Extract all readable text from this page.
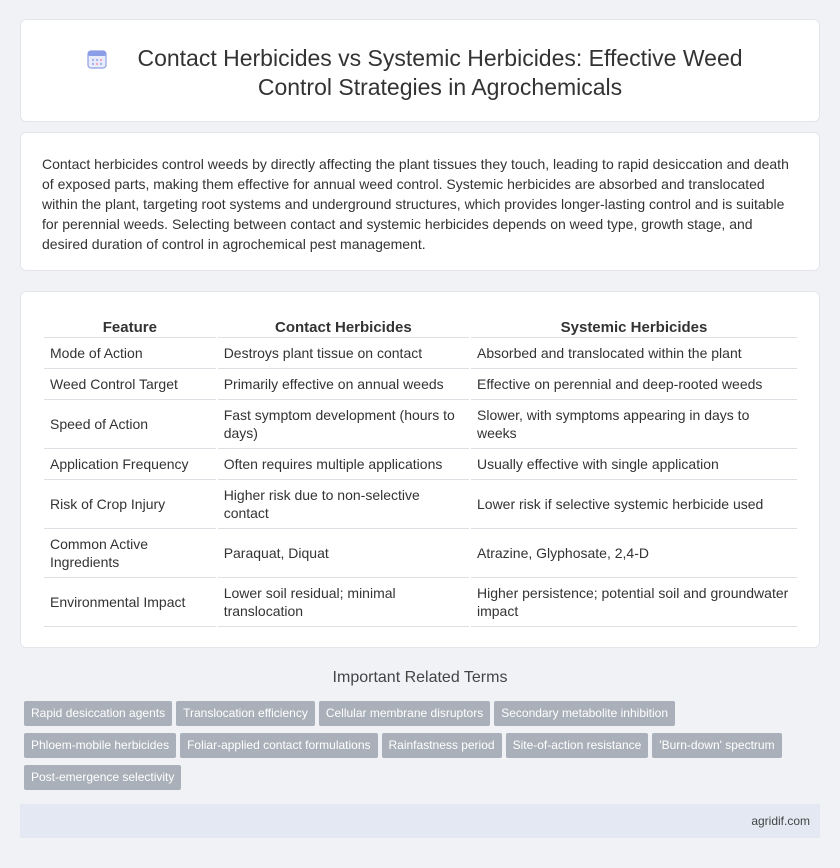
Contact Herbicides vs Systemic Herbicides: Effective Weed Control Strategies in Agrochemicals

Contact herbicides control weeds by directly affecting the plant tissues they touch, leading to rapid desiccation and death of exposed parts, making them effective for annual weed control. Systemic herbicides are absorbed and translocated within the plant, targeting root systems and underground structures, which provides longer-lasting control and is suitable for perennial weeds. Selecting between contact and systemic herbicides depends on weed type, growth stage, and desired duration of control in agrochemical pest management.

Feature	Contact Herbicides	Systemic Herbicides
Mode of Action	Destroys plant tissue on contact	Absorbed and translocated within the plant
Weed Control Target	Primarily effective on annual weeds	Effective on perennial and deep-rooted weeds
Speed of Action	Fast symptom development (hours to days)	Slower, with symptoms appearing in days to weeks
Application Frequency	Often requires multiple applications	Usually effective with single application
Risk of Crop Injury	Higher risk due to non-selective contact	Lower risk if selective systemic herbicide used
Common Active Ingredients	Paraquat, Diquat	Atrazine, Glyphosate, 2,4-D
Environmental Impact	Lower soil residual; minimal translocation	Higher persistence; potential soil and groundwater impact
Important Related Terms
Rapid desiccation agents Translocation efficiency Cellular membrane disruptors Secondary metabolite inhibitionPhloem-mobile herbicides Foliar-applied contact formulations Rainfastness period Site-of-action resistance 'Burn-down' spectrumPost-emergence selectivity
agridif.com
